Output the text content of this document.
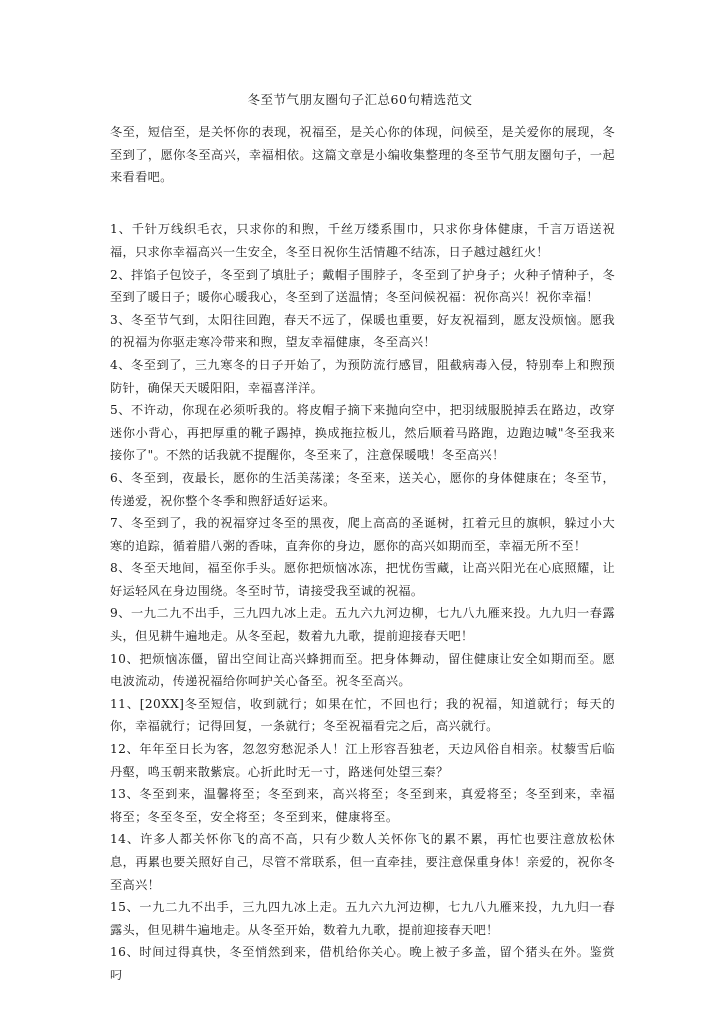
冬至节气朋友圈句子汇总60句精选范文

冬至，短信至，是关怀你的表现，祝福至，是关心你的体现，问候至，是关爱你的展现，冬至到了，愿你冬至高兴，幸福相依。这篇文章是小编收集整理的冬至节气朋友圈句子，一起来看看吧。

1、千针万线织毛衣，只求你的和煦，千丝万缕系围巾，只求你身体健康，千言万语送祝福，只求你幸福高兴一生安全，冬至日祝你生活情趣不结冻，日子越过越红火！

2、拌馅子包饺子，冬至到了填肚子；戴帽子围脖子，冬至到了护身子；火种子情种子，冬至到了暖日子；暖你心暖我心，冬至到了送温情；冬至问候祝福：祝你高兴！祝你幸福！

3、冬至节气到，太阳往回跑，春天不远了，保暖也重要，好友祝福到，愿友没烦恼。愿我的祝福为你驱走寒冷带来和煦，望友幸福健康，冬至高兴！

4、冬至到了，三九寒冬的日子开始了，为预防流行感冒，阻截病毒入侵，特别奉上和煦预防针，确保天天暖阳阳，幸福喜洋洋。

5、不许动，你现在必须听我的。将皮帽子摘下来抛向空中，把羽绒服脱掉丢在路边，改穿迷你小背心，再把厚重的靴子踢掉，换成拖拉板儿，然后顺着马路跑，边跑边喊"冬至我来接你了"。不然的话我就不提醒你，冬至来了，注意保暖哦！冬至高兴！

6、冬至到，夜最长，愿你的生活美荡漾；冬至来，送关心，愿你的身体健康在；冬至节，传递爱，祝你整个冬季和煦舒适好运来。

7、冬至到了，我的祝福穿过冬至的黑夜，爬上高高的圣诞树，扛着元旦的旗帜，躲过小大寒的追踪，循着腊八粥的香味，直奔你的身边，愿你的高兴如期而至，幸福无所不至！

8、冬至天地间，福至你手头。愿你把烦恼冰冻，把忧伤雪藏，让高兴阳光在心底照耀，让好运轻风在身边围绕。冬至时节，请接受我至诚的祝福。

9、一九二九不出手，三九四九冰上走。五九六九河边柳，七九八九雁来投。九九归一春露头，但见耕牛遍地走。从冬至起，数着九九歌，提前迎接春天吧！

10、把烦恼冻僵，留出空间让高兴蜂拥而至。把身体舞动，留住健康让安全如期而至。愿电波流动，传递祝福给你呵护关心备至。祝冬至高兴。

11、[20XX]冬至短信，收到就行；如果在忙，不回也行；我的祝福，知道就行；每天的你，幸福就行；记得回复，一条就行；冬至祝福看完之后，高兴就行。

12、年年至日长为客，忽忽穷愁泥杀人！江上形容吾独老，天边风俗自相亲。杖藜雪后临丹壑，鸣玉朝来散紫宸。心折此时无一寸，路迷何处望三秦？

13、冬至到来，温馨将至；冬至到来，高兴将至；冬至到来，真爱将至；冬至到来，幸福将至；冬至冬至，安全将至；冬至到来，健康将至。

14、许多人都关怀你飞的高不高，只有少数人关怀你飞的累不累，再忙也要注意放松休息，再累也要关照好自己，尽管不常联系，但一直牵挂，要注意保重身体！亲爱的，祝你冬至高兴！

15、一九二九不出手，三九四九冰上走。五九六九河边柳，七九八九雁来投，九九归一春露头，但见耕牛遍地走。从冬至开始，数着九九歌，提前迎接春天吧！

16、时间过得真快，冬至悄然到来，借机给你关心。晚上被子多盖，留个猪头在外。鉴赏叼
